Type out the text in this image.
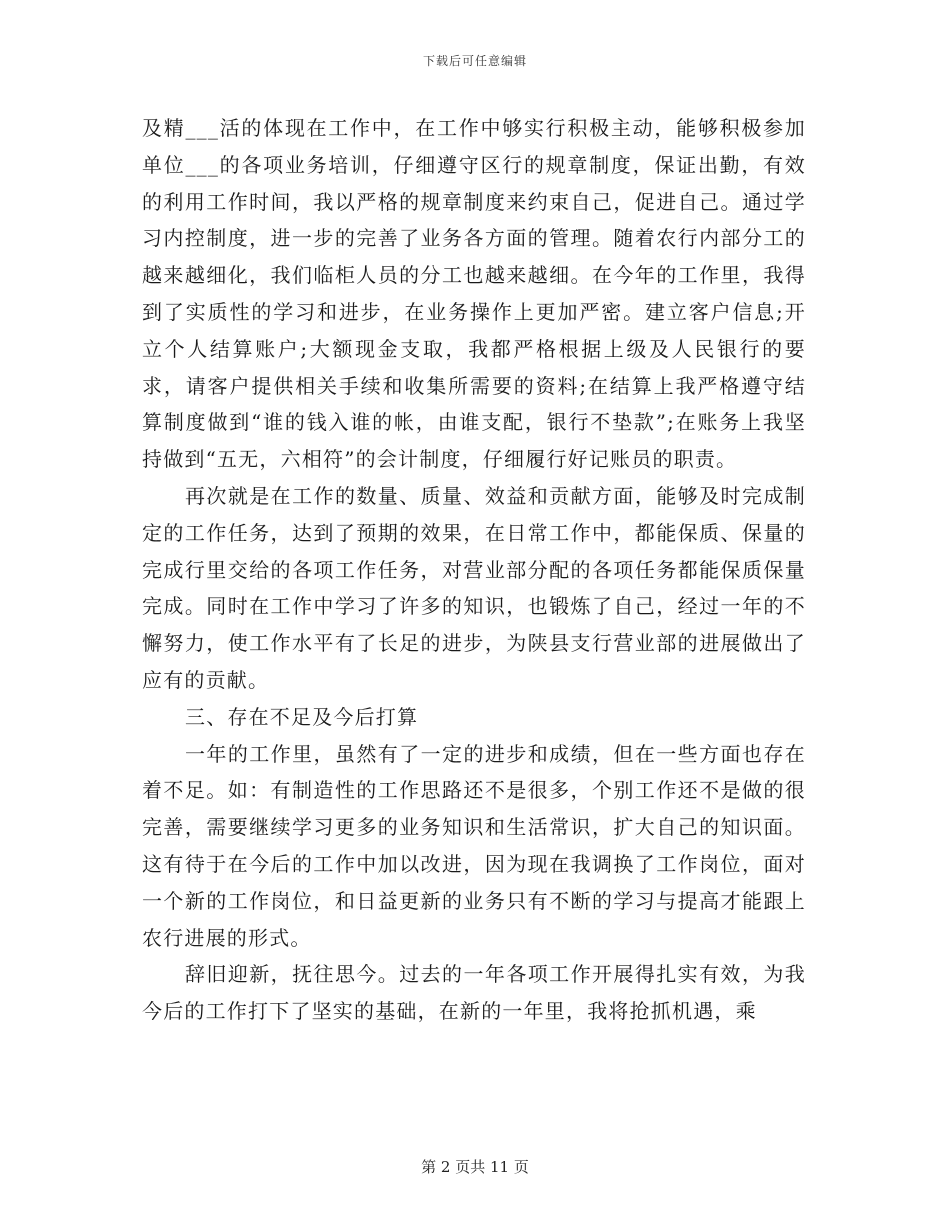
下载后可任意编辑

及精___活的体现在工作中，在工作中够实行积极主动，能够积极参加单位___的各项业务培训，仔细遵守区行的规章制度，保证出勤，有效的利用工作时间，我以严格的规章制度来约束自己，促进自己。通过学习内控制度，进一步的完善了业务各方面的管理。随着农行内部分工的越来越细化，我们临柜人员的分工也越来越细。在今年的工作里，我得到了实质性的学习和进步，在业务操作上更加严密。建立客户信息;开立个人结算账户;大额现金支取，我都严格根据上级及人民银行的要求，请客户提供相关手续和收集所需要的资料;在结算上我严格遵守结算制度做到“谁的钱入谁的帐，由谁支配，银行不垫款”;在账务上我坚持做到“五无，六相符”的会计制度，仔细履行好记账员的职责。

再次就是在工作的数量、质量、效益和贡献方面，能够及时完成制定的工作任务，达到了预期的效果，在日常工作中，都能保质、保量的完成行里交给的各项工作任务，对营业部分配的各项任务都能保质保量完成。同时在工作中学习了许多的知识，也锻炼了自己，经过一年的不懈努力，使工作水平有了长足的进步，为陕县支行营业部的进展做出了应有的贡献。

三、存在不足及今后打算

一年的工作里，虽然有了一定的进步和成绩，但在一些方面也存在着不足。如：有制造性的工作思路还不是很多，个别工作还不是做的很完善，需要继续学习更多的业务知识和生活常识，扩大自己的知识面。这有待于在今后的工作中加以改进，因为现在我调换了工作岗位，面对一个新的工作岗位，和日益更新的业务只有不断的学习与提高才能跟上农行进展的形式。

辞旧迎新，抚往思今。过去的一年各项工作开展得扎实有效，为我今后的工作打下了坚实的基础，在新的一年里，我将抢抓机遇，乘

第 2 页共 11 页
